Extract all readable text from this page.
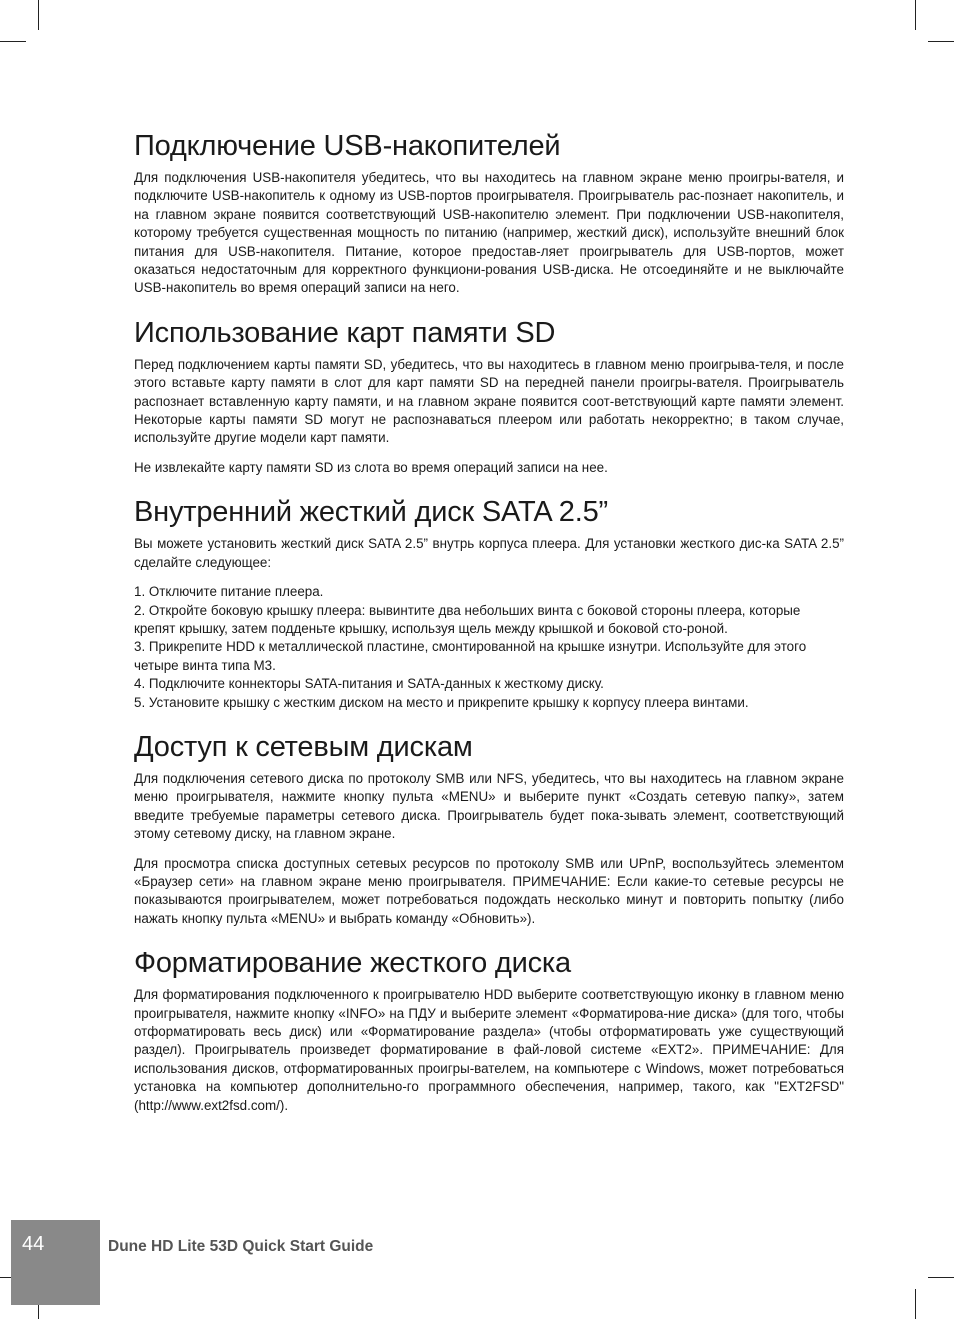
Подключение USB-накопителей

Для подключения USB-накопителя убедитесь, что вы находитесь на главном экране меню проигры-вателя, и подключите USB-накопитель к одному из USB-портов проигрывателя. Проигрыватель рас-познает накопитель, и на главном экране появится соответствующий USB-накопителю элемент. При подключении USB-накопителя, которому требуется существенная мощность по питанию (например, жесткий диск), используйте внешний блок питания для USB-накопителя. Питание, которое предостав-ляет проигрыватель для USB-портов, может оказаться недостаточным для корректного функциони-рования USB-диска. Не отсоединяйте и не выключайте USB-накопитель во время операций записи на него.

Использование карт памяти SD

Перед подключением карты памяти SD, убедитесь, что вы находитесь в главном меню проигрыва-теля, и после этого вставьте карту памяти в слот для карт памяти SD на передней панели проигры-вателя. Проигрыватель распознает вставленную карту памяти, и на главном экране появится соот-ветствующий карте памяти элемент. Некоторые карты памяти SD могут не распознаваться плеером или работать некорректно; в таком случае, используйте другие модели карт памяти.

Не извлекайте карту памяти SD из слота во время операций записи на нее.

Внутренний жесткий диск SATA 2.5”

Вы можете установить жесткий диск SATA 2.5” внутрь корпуса плеера. Для установки жесткого дис-ка SATA 2.5” сделайте следующее:

1. Отключите питание плеера.
2. Откройте боковую крышку плеера: вывинтите два небольших винта с боковой стороны плеера, которые крепят крышку, затем подденьте крышку, используя щель между крышкой и боковой сто-роной.
3. Прикрепите HDD к металлической пластине, смонтированной на крышке изнутри. Используйте для этого четыре винта типа М3.
4. Подключите коннекторы SATA-питания и SATA-данных к жесткому диску.
5. Установите крышку с жестким диском на место и прикрепите крышку к корпусу плеера винтами.
Доступ к сетевым дискам

Для подключения сетевого диска по протоколу SMB или NFS, убедитесь, что вы находитесь на главном экране меню проигрывателя, нажмите кнопку пульта «MENU» и выберите пункт «Создать сетевую папку», затем введите требуемые параметры сетевого диска. Проигрыватель будет пока-зывать элемент, соответствующий этому сетевому диску, на главном экране.

Для просмотра списка доступных сетевых ресурсов по протоколу SMB или UPnP, воспользуйтесь элементом «Браузер сети» на главном экране меню проигрывателя. ПРИМЕЧАНИЕ: Если какие-то сетевые ресурсы не показываются проигрывателем, может потребоваться подождать несколько минут и повторить попытку (либо нажать кнопку пульта «MENU» и выбрать команду «Обновить»).

Форматирование жесткого диска

Для форматирования подключенного к проигрывателю HDD выберите соответствующую иконку в главном меню проигрывателя, нажмите кнопку «INFO» на ПДУ и выберите элемент «Форматирова-ние диска» (для того, чтобы отформатировать весь диск) или «Форматирование раздела» (чтобы отформатировать уже существующий раздел). Проигрыватель произведет форматирование в фай-ловой системе «EXT2». ПРИМЕЧАНИЕ: Для использования дисков, отформатированных проигры-вателем, на компьютере с Windows, может потребоваться установка на компьютер дополнительно-го программного обеспечения, например, такого, как "EXT2FSD" (http://www.ext2fsd.com/).

44	Dune HD Lite 53D Quick Start Guide
